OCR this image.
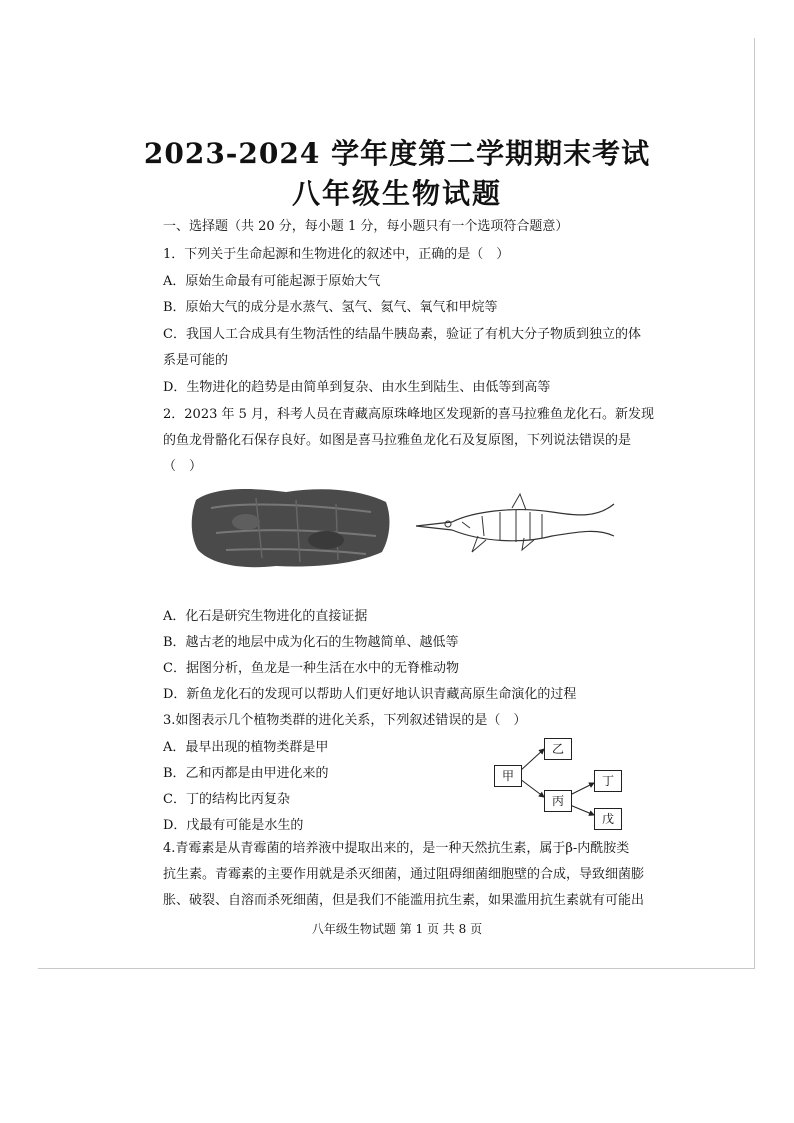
2023-2024 学年度第二学期期末考试
八年级生物试题
一、选择题（共 20 分，每小题 1 分，每小题只有一个选项符合题意）
1．下列关于生命起源和生物进化的叙述中，正确的是（　）
A．原始生命最有可能起源于原始大气
B．原始大气的成分是水蒸气、氢气、氦气、氧气和甲烷等
C．我国人工合成具有生物活性的结晶牛胰岛素，验证了有机大分子物质到独立的体
系是可能的
D．生物进化的趋势是由简单到复杂、由水生到陆生、由低等到高等
2．2023 年 5 月，科考人员在青藏高原珠峰地区发现新的喜马拉雅鱼龙化石。新发现
的鱼龙骨骼化石保存良好。如图是喜马拉雅鱼龙化石及复原图，下列说法错误的是
（　）
A．化石是研究生物进化的直接证据
B．越古老的地层中成为化石的生物越简单、越低等
C．据图分析，鱼龙是一种生活在水中的无脊椎动物
D．新鱼龙化石的发现可以帮助人们更好地认识青藏高原生命演化的过程
3.如图表示几个植物类群的进化关系，下列叙述错误的是（　）
A．最早出现的植物类群是甲
B．乙和丙都是由甲进化来的
C．丁的结构比丙复杂
D．戊最有可能是水生的
甲
乙
丙
丁
戊
4.青霉素是从青霉菌的培养液中提取出来的，是一种天然抗生素，属于β-内酰胺类
抗生素。青霉素的主要作用就是杀灭细菌，通过阻碍细菌细胞壁的合成，导致细菌膨
胀、破裂、自溶而杀死细菌，但是我们不能滥用抗生素，如果滥用抗生素就有可能出
八年级生物试题 第 1 页 共 8 页
